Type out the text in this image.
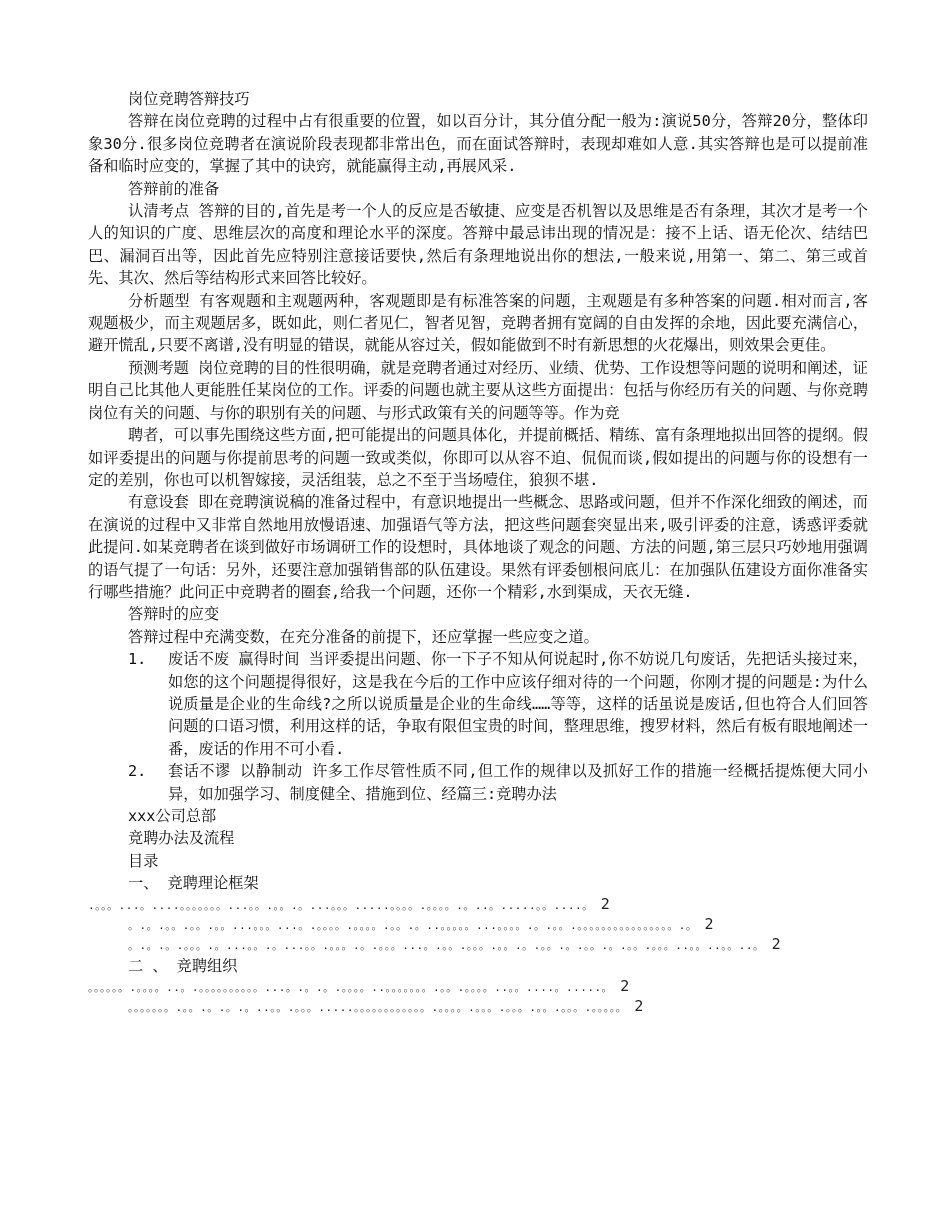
岗位竞聘答辩技巧

答辩在岗位竞聘的过程中占有很重要的位置，如以百分计，其分值分配一般为:演说50分，答辩20分，整体印象30分.很多岗位竞聘者在演说阶段表现都非常出色，而在面试答辩时，表现却难如人意.其实答辩也是可以提前准备和临时应变的，掌握了其中的诀窍，就能赢得主动,再展风采.

答辩前的准备

认清考点 答辩的目的,首先是考一个人的反应是否敏捷、应变是否机智以及思维是否有条理，其次才是考一个人的知识的广度、思维层次的高度和理论水平的深度。答辩中最忌讳出现的情况是：接不上话、语无伦次、结结巴巴、漏洞百出等，因此首先应特别注意接话要快,然后有条理地说出你的想法,一般来说,用第一、第二、第三或首先、其次、然后等结构形式来回答比较好。

分析题型 有客观题和主观题两种，客观题即是有标准答案的问题，主观题是有多种答案的问题.相对而言,客观题极少，而主观题居多，既如此，则仁者见仁，智者见智，竞聘者拥有宽阔的自由发挥的余地，因此要充满信心，避开慌乱,只要不离谱,没有明显的错误，就能从容过关，假如能做到不时有新思想的火花爆出，则效果会更佳。

预测考题 岗位竞聘的目的性很明确，就是竞聘者通过对经历、业绩、优势、工作设想等问题的说明和阐述，证明自己比其他人更能胜任某岗位的工作。评委的问题也就主要从这些方面提出：包括与你经历有关的问题、与你竞聘岗位有关的问题、与你的职别有关的问题、与形式政策有关的问题等等。作为竞

聘者，可以事先围绕这些方面,把可能提出的问题具体化，并提前概括、精练、富有条理地拟出回答的提纲。假如评委提出的问题与你提前思考的问题一致或类似，你即可以从容不迫、侃侃而谈,假如提出的问题与你的设想有一定的差别，你也可以机智嫁接，灵活组装，总之不至于当场噎住，狼狈不堪.

有意设套 即在竞聘演说稿的准备过程中，有意识地提出一些概念、思路或问题，但并不作深化细致的阐述，而在演说的过程中又非常自然地用放慢语速、加强语气等方法，把这些问题套突显出来,吸引评委的注意，诱惑评委就此提问.如某竞聘者在谈到做好市场调研工作的设想时，具体地谈了观念的问题、方法的问题,第三层只巧妙地用强调的语气提了一句话：另外，还要注意加强销售部的队伍建设。果然有评委刨根问底儿：在加强队伍建设方面你准备实行哪些措施？此问正中竞聘者的圈套,给我一个问题，还你一个精彩,水到渠成，天衣无缝.

答辩时的应变

答辩过程中充满变数，在充分准备的前提下，还应掌握一些应变之道。

1.	废话不废 赢得时间 当评委提出问题、你一下子不知从何说起时,你不妨说几句废话，先把话头接过来，如您的这个问题提得很好，这是我在今后的工作中应该仔细对待的一个问题，你刚才提的问题是:为什么说质量是企业的生命线?之所以说质量是企业的生命线……等等，这样的话虽说是废话,但也符合人们回答问题的口语习惯，利用这样的话，争取有限但宝贵的时间，整理思维，搜罗材料，然后有板有眼地阐述一番，废话的作用不可小看.
2.	套话不谬 以静制动 许多工作尽管性质不同,但工作的规律以及抓好工作的措施一经概括提炼便大同小异，如加强学习、制度健全、措施到位、经篇三:竞聘办法

xxx公司总部

竞聘办法及流程

目录

一、 竞聘理论框架

.。。。...。....。。。。。。。...。。.。。.。...。。。.....。。。。.。。。。.。..。.....。。....。 2

。.。.。。.。。.。。...。。。...。.。。。。.。。。。.。。.。..。。。。。...。。。。.。.。。.。。。。。。。。。。。。。。。。.。 2

。.。.。.。。。.。...。。.。...。。.。。。.。.。。。...。.。。.。。。.。。.。.。。.。.。。.。.。。.。。。..。。..。。..。 2

二 、 竞聘组织

。。。。。。.。。。。..。.。。。。。。。。。。...。.。.。.。。。。..。。。。。。。.。。.。。。。..。。....。.....。 2

。。。。。。。.。。.。.。.。..。。.。。。.....。。。。。。。。。。。。.。。。。.。。。.。。。.。。.。。。.。。。。。 2
